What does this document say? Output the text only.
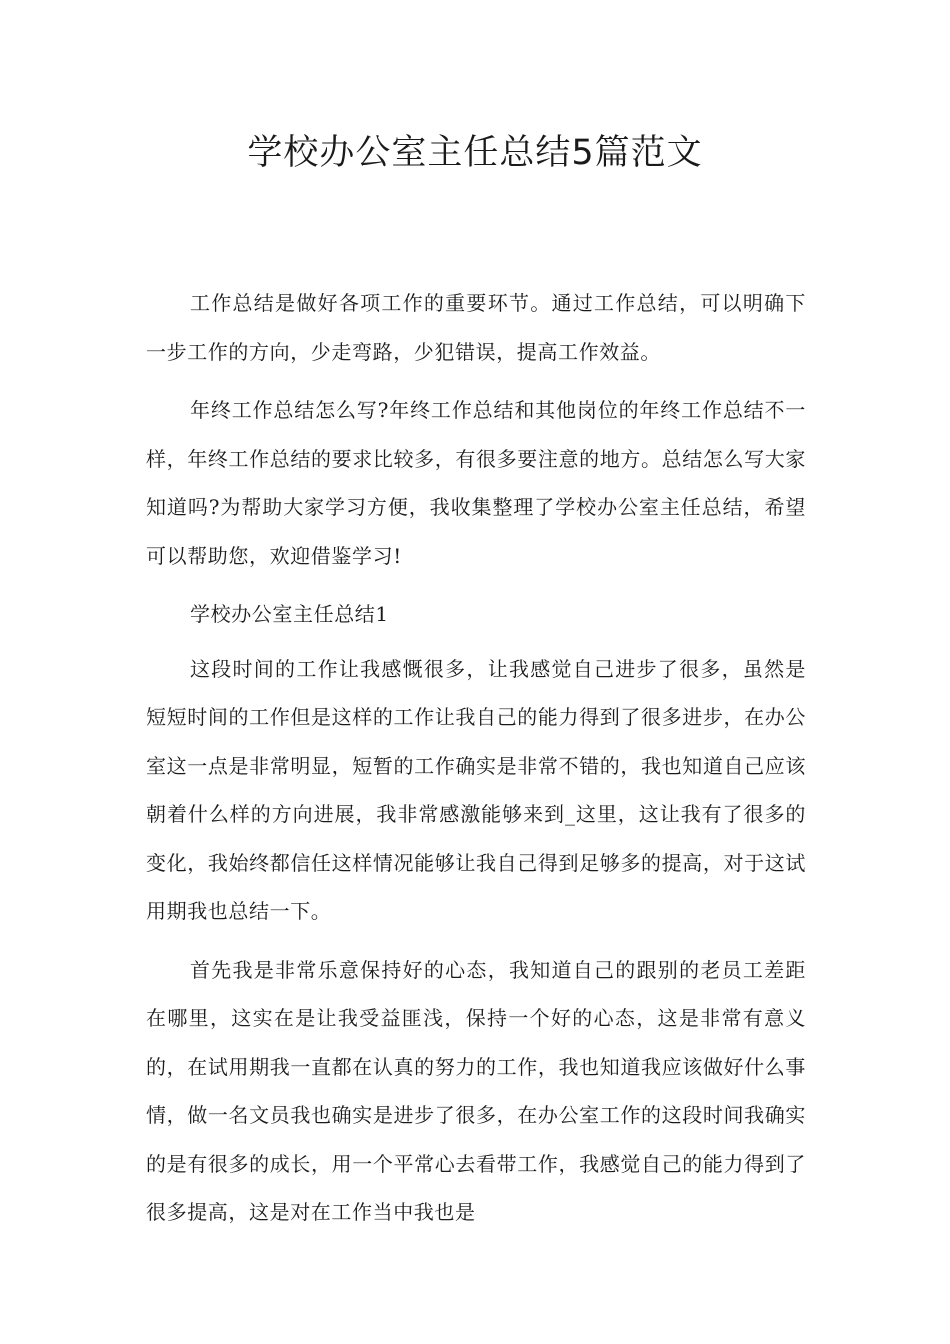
学校办公室主任总结5篇范文

工作总结是做好各项工作的重要环节。通过工作总结，可以明确下一步工作的方向，少走弯路，少犯错误，提高工作效益。

年终工作总结怎么写?年终工作总结和其他岗位的年终工作总结不一样，年终工作总结的要求比较多，有很多要注意的地方。总结怎么写大家知道吗?为帮助大家学习方便，我收集整理了学校办公室主任总结，希望可以帮助您，欢迎借鉴学习!

学校办公室主任总结1

这段时间的工作让我感慨很多，让我感觉自己进步了很多，虽然是短短时间的工作但是这样的工作让我自己的能力得到了很多进步，在办公室这一点是非常明显，短暂的工作确实是非常不错的，我也知道自己应该朝着什么样的方向进展，我非常感激能够来到_这里，这让我有了很多的变化，我始终都信任这样情况能够让我自己得到足够多的提高，对于这试用期我也总结一下。

首先我是非常乐意保持好的心态，我知道自己的跟别的老员工差距在哪里，这实在是让我受益匪浅，保持一个好的心态，这是非常有意义的，在试用期我一直都在认真的努力的工作，我也知道我应该做好什么事情，做一名文员我也确实是进步了很多，在办公室工作的这段时间我确实的是有很多的成长，用一个平常心去看带工作，我感觉自己的能力得到了很多提高，这是对在工作当中我也是
